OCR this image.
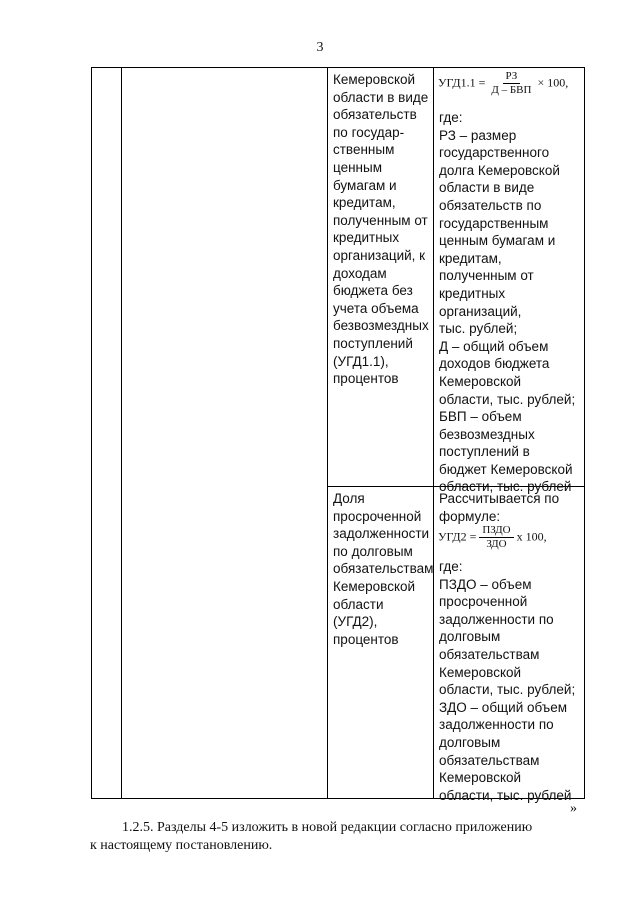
3
Кемеровской
области в виде
обязательств
по государ-
ственным
ценным
бумагам и
кредитам,
полученным от
кредитных
организаций, к
доходам
бюджета без
учета объема
безвозмездных
поступлений
(УГД1.1),
процентов
$УГД1.1 = \frac{РЗ}{\text{Д – БВП}} \times 100$,
где:
РЗ – размер
государственного
долга Кемеровской
области в виде
обязательств по
государственным
ценным бумагам и
кредитам,
полученным от
кредитных
организаций,
тыс. рублей;
Д – общий объем
доходов бюджета
Кемеровской
области, тыс. рублей;
БВП – объем
безвозмездных
поступлений в
бюджет Кемеровской
области, тыс. рублей
Доля
просроченной
задолженности
по долговым
обязательствам
Кемеровской
области
(УГД2),
процентов
Рассчитывается по
формуле:
$УГД2 = \frac{\text{ПЗДО}}{\text{ЗДО}}$ x 100,
где:
ПЗДО – объем
просроченной
задолженности по
долговым
обязательствам
Кемеровской
области, тыс. рублей;
ЗДО – общий объем
задолженности по
долговым
обязательствам
Кемеровской
области, тыс. рублей
»
1.2.5. Разделы 4-5 изложить в новой редакции согласно приложению
к настоящему постановлению.
